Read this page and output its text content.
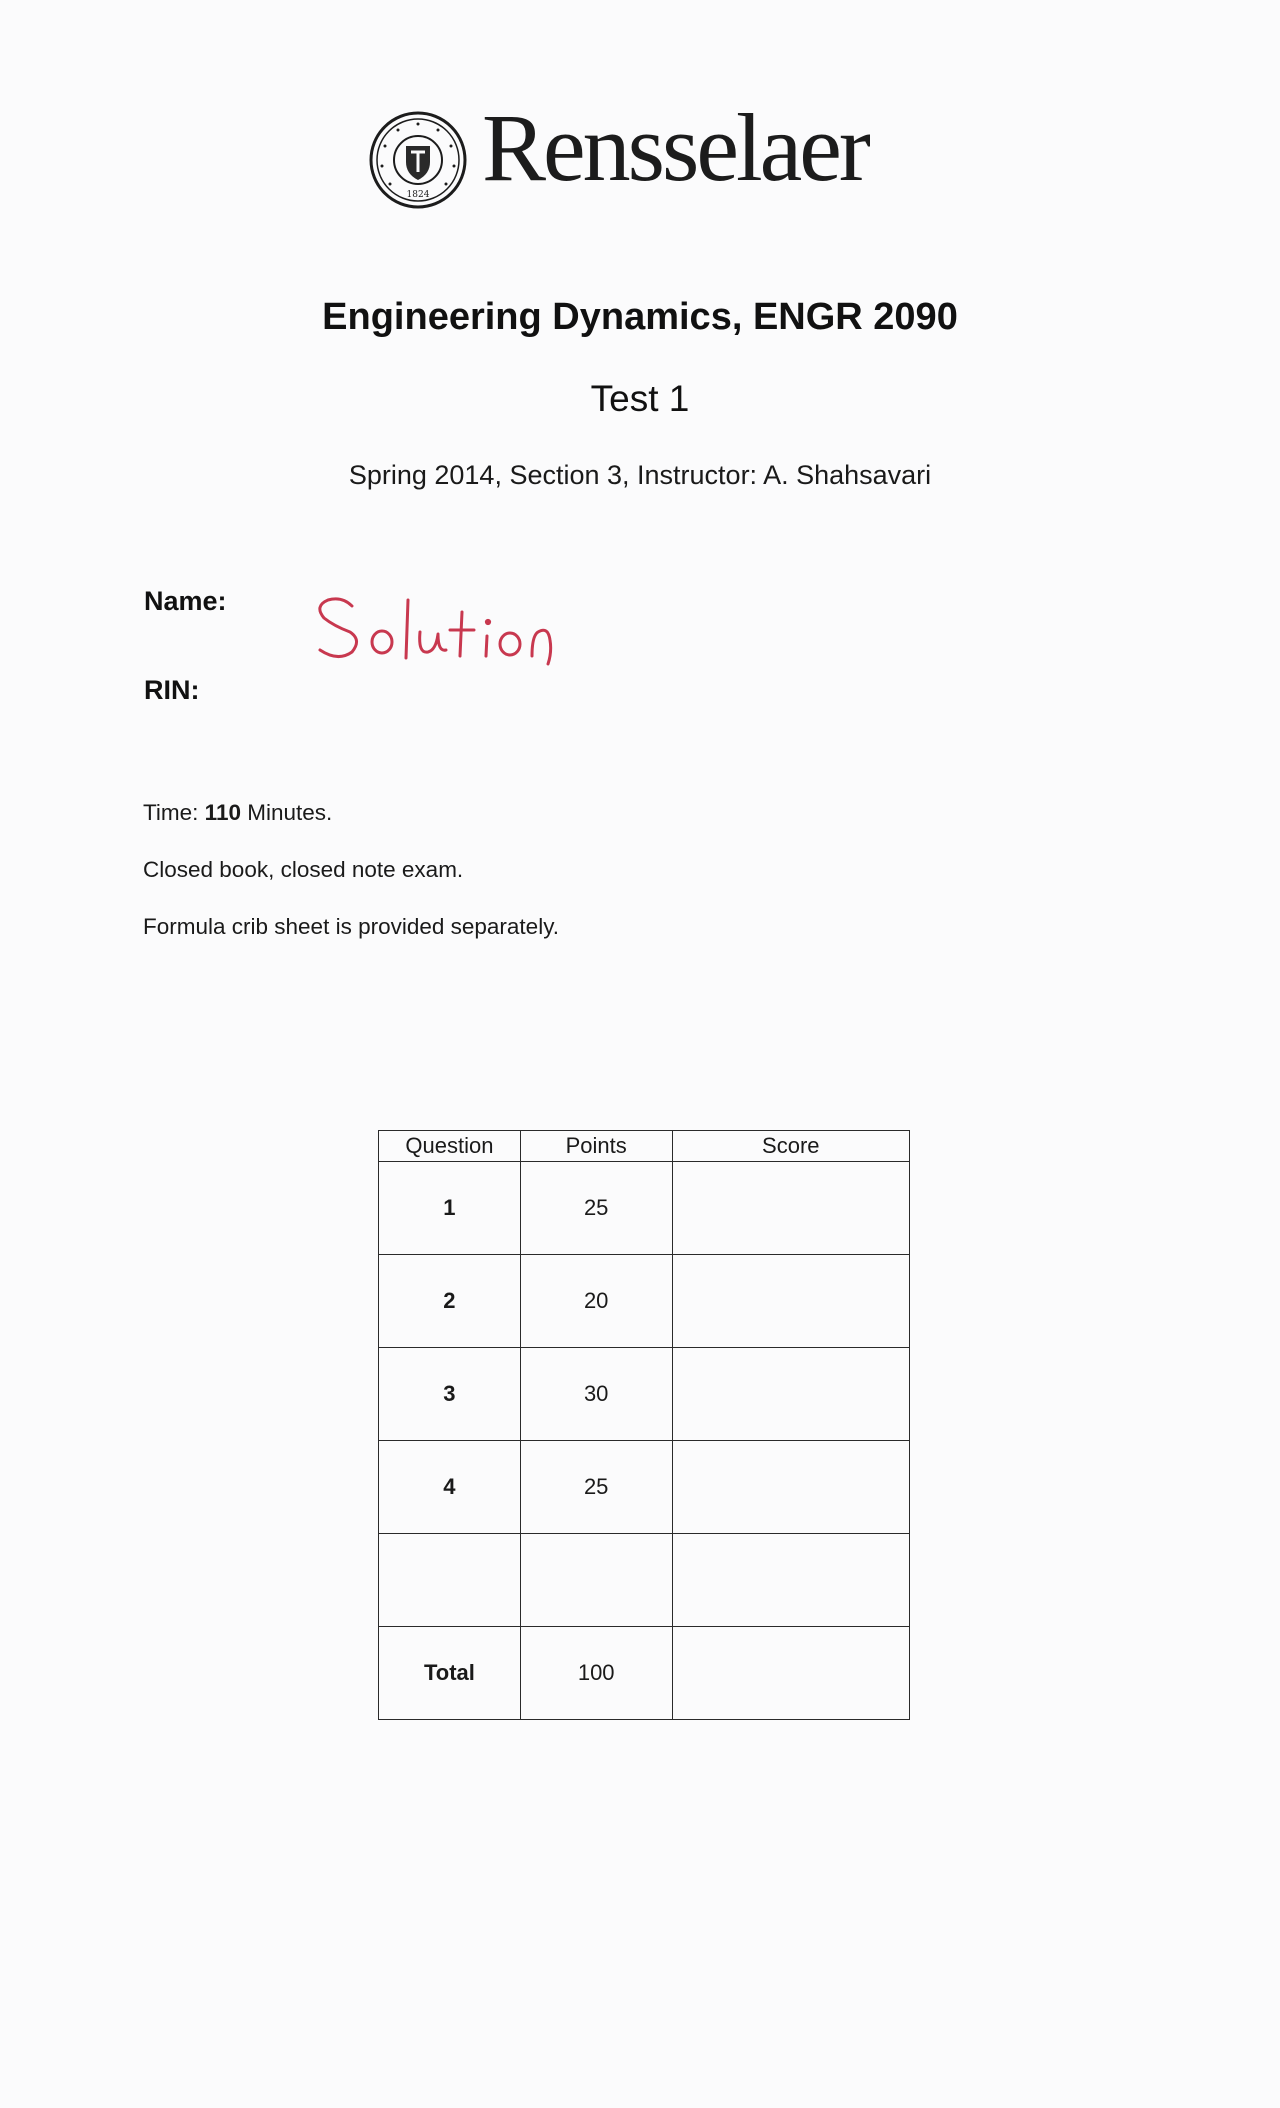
1824 Rensselaer
Engineering Dynamics, ENGR 2090
Test 1
Spring 2014, Section 3, Instructor: A. Shahsavari
Name:
RIN:
Time: 110 Minutes.
Closed book, closed note exam.
Formula crib sheet is provided separately.
Question	Points	Score
1	25	
2	20	
3	30	
4	25	

Total	100	
